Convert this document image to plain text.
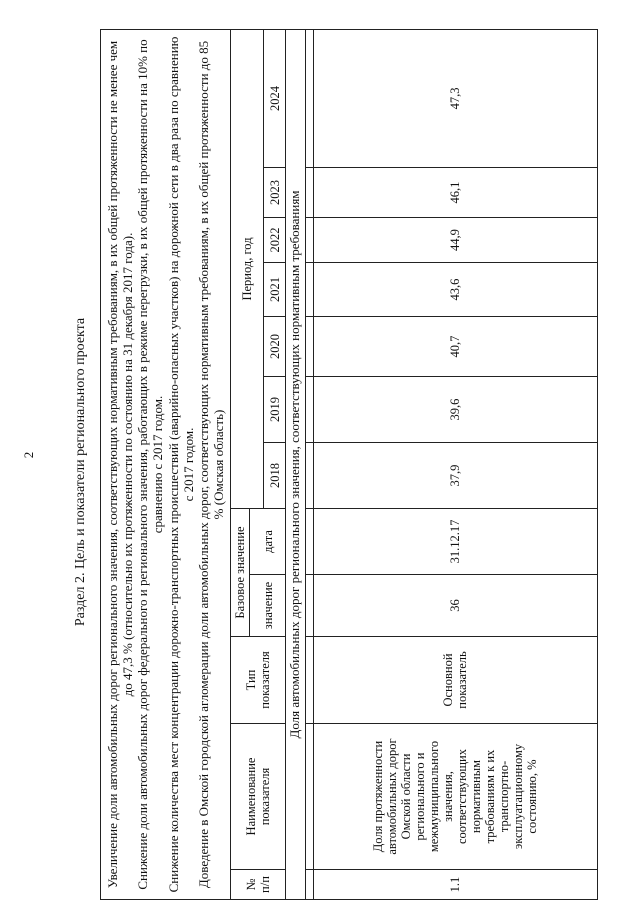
2	Раздел 2. Цель и показатели регионального проекта Увеличение доли автомобильных дорог регионального значения, соответствующих нормативным требованиям, в их общей протяженности не менее чем до 47,3 % (относительно их протяженности по состоянию на 31 декабря 2017 года). Снижение доли автомобильных дорог федерального и регионального значения, работающих в режиме перегрузки, в их общей протяженности на 10% по сравнению с 2017 годом. Снижение количества мест концентрации дорожно-транспортных происшествий (аварийно-опасных участков) на дорожной сети в два раза по сравнению с 2017 годом. Доведение в Омской городской агломерации доли автомобильных дорог, соответствующих нормативным требованиям, в их общей протяженности до 85 % (Омская область)											

№ п/п	Наименование показателя	Тип показателя	Базовое значение		Период, год						
			значение	дата							
					2018	2019	2020	2021	2022	2023	2024
Доля автомобильных дорог регионального значения, соответствующих нормативным требованиям											

1.1	Доля протяженности автомобильных дорог Омской области регионального и межмуниципального значения, соответствующих нормативным требованиям к их транспортно-эксплуатационному состоянию, %	Основной показатель	36	31.12.17	37,9	39,6	40,7	43,6	44,9	46,1	47,3
